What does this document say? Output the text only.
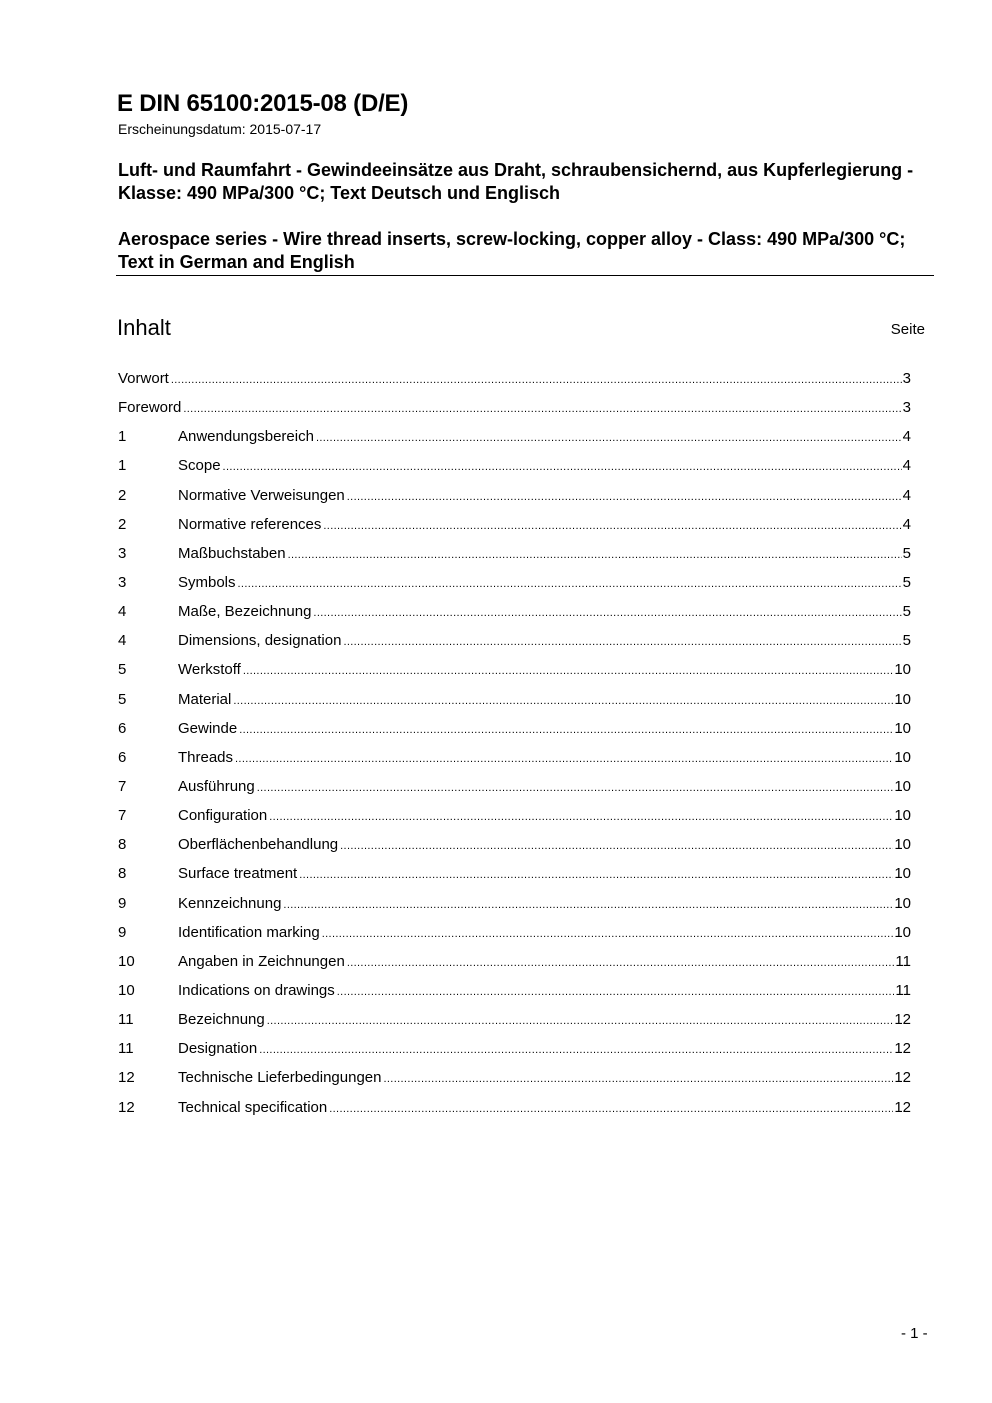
E DIN 65100:2015-08 (D/E)
Erscheinungsdatum: 2015-07-17
Luft- und Raumfahrt - Gewindeeinsätze aus Draht, schraubensichernd, aus Kupferlegierung - Klasse: 490 MPa/300 °C; Text Deutsch und Englisch
Aerospace series - Wire thread inserts, screw-locking, copper alloy - Class: 490 MPa/300 °C; Text in German and English
Inhalt	Seite
Vorwort .....	3
Foreword .....	3
1	Anwendungsbereich .....	4
1	Scope .....	4
2	Normative Verweisungen .....	4
2	Normative references .....	4
3	Maßbuchstaben .....	5
3	Symbols .....	5
4	Maße, Bezeichnung .....	5
4	Dimensions, designation .....	5
5	Werkstoff .....	10
5	Material .....	10
6	Gewinde .....	10
6	Threads .....	10
7	Ausführung .....	10
7	Configuration .....	10
8	Oberflächenbehandlung .....	10
8	Surface treatment .....	10
9	Kennzeichnung .....	10
9	Identification marking .....	10
10	Angaben in Zeichnungen .....	11
10	Indications on drawings .....	11
11	Bezeichnung .....	12
11	Designation .....	12
12	Technische Lieferbedingungen .....	12
12	Technical specification .....	12
- 1 -
